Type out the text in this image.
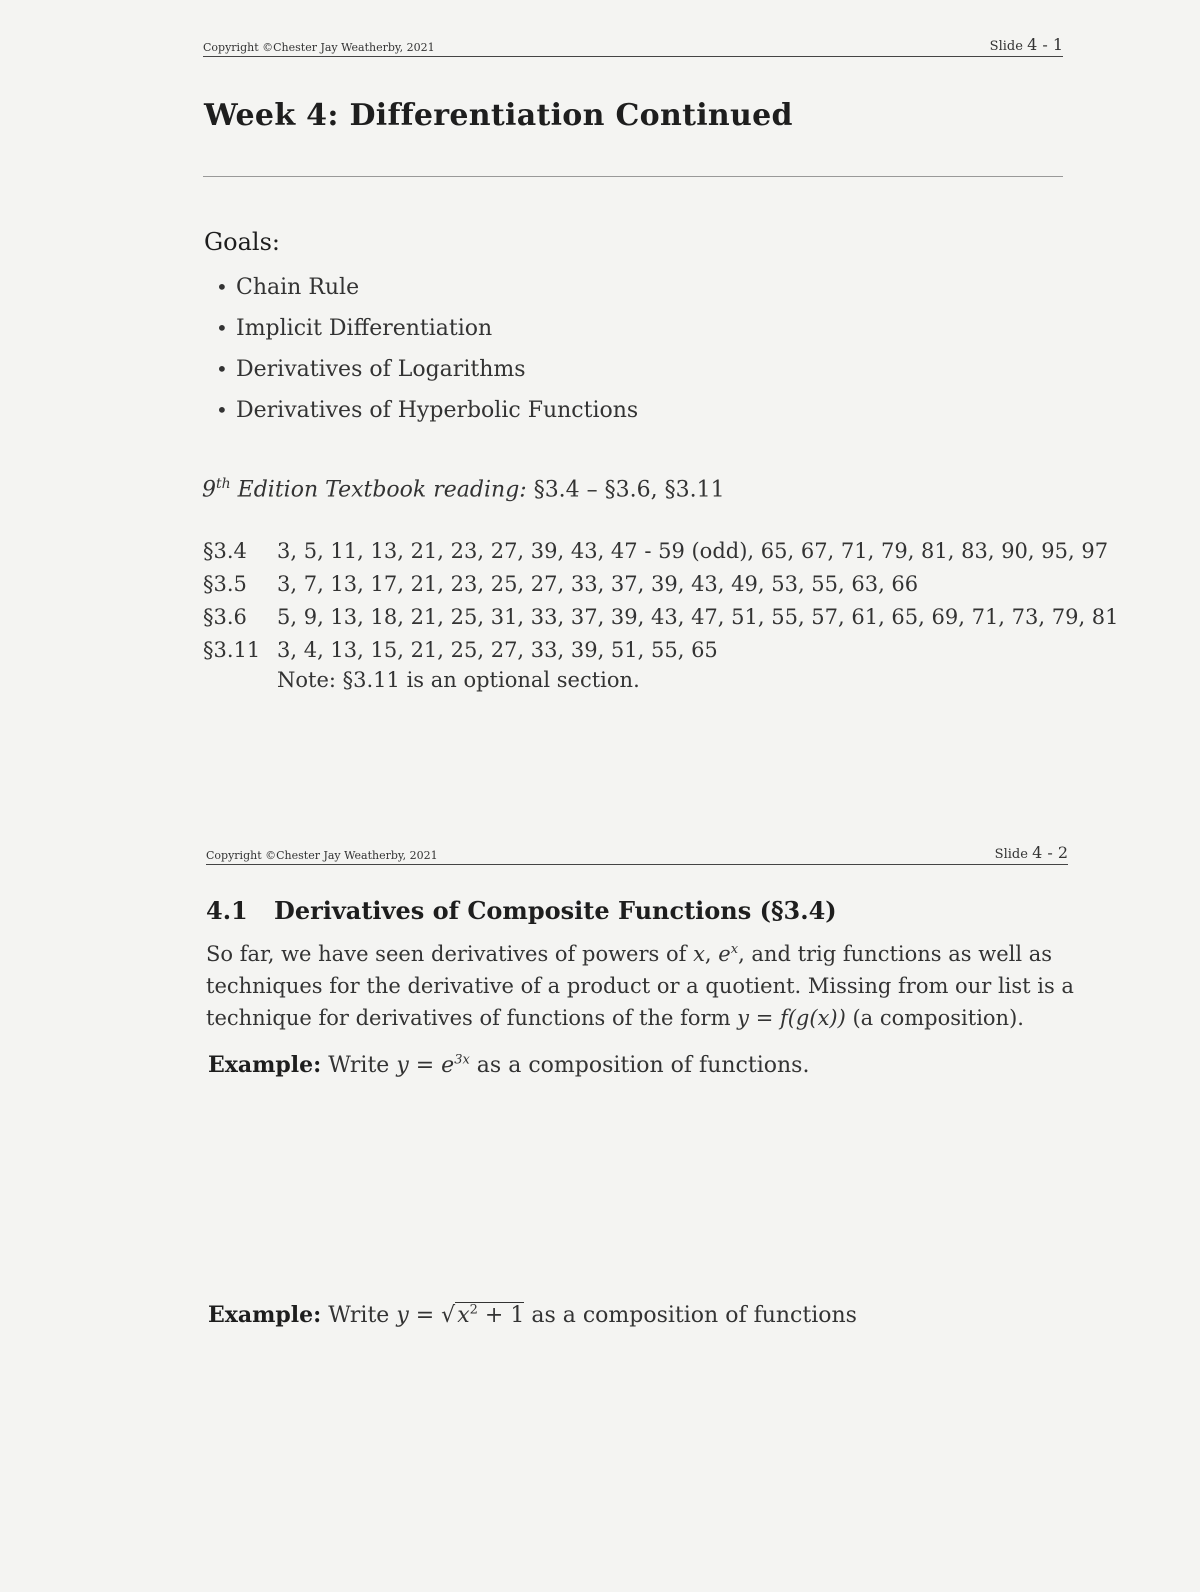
Copyright ©Chester Jay Weatherby, 2021	Slide 4 - 1
Week 4: Differentiation Continued
Goals:
• Chain Rule
• Implicit Differentiation
• Derivatives of Logarithms
• Derivatives of Hyperbolic Functions
9th Edition Textbook reading: §3.4 – §3.6, §3.11
§3.4	3, 5, 11, 13, 21, 23, 27, 39, 43, 47 - 59 (odd), 65, 67, 71, 79, 81, 83, 90, 95, 97
§3.5	3, 7, 13, 17, 21, 23, 25, 27, 33, 37, 39, 43, 49, 53, 55, 63, 66
§3.6	5, 9, 13, 18, 21, 25, 31, 33, 37, 39, 43, 47, 51, 55, 57, 61, 65, 69, 71, 73, 79, 81
§3.11	3, 4, 13, 15, 21, 25, 27, 33, 39, 51, 55, 65
Note: §3.11 is an optional section.
Copyright ©Chester Jay Weatherby, 2021	Slide 4 - 2
4.1 Derivatives of Composite Functions (§3.4)
So far, we have seen derivatives of powers of x, $e^x$, and trig functions as well as techniques for the derivative of a product or a quotient. Missing from our list is a technique for derivatives of functions of the form y = f(g(x)) (a composition).
Example: Write $y = e^{3x}$ as a composition of functions.
Example: Write $y = √x^2 + 1$ as a composition of functions
